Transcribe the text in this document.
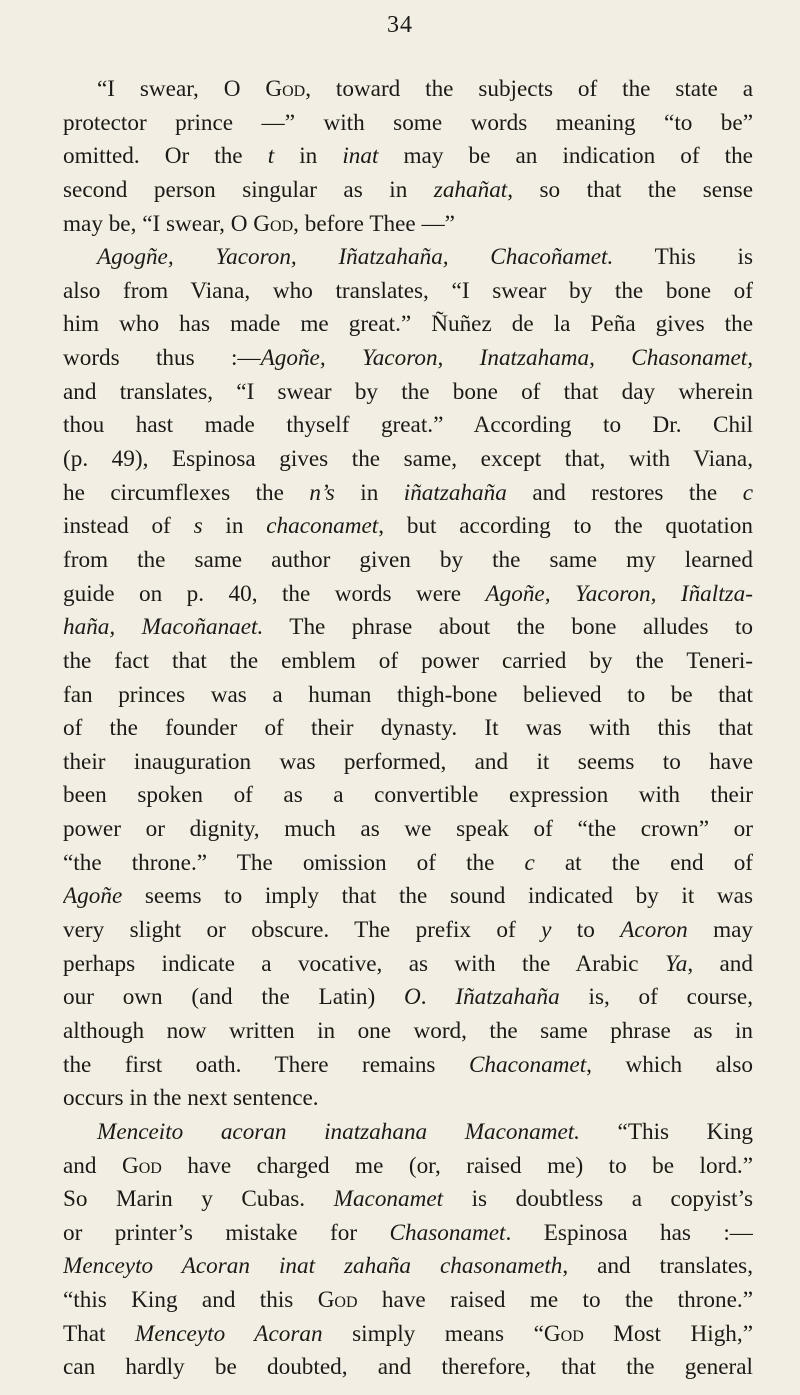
34
“I swear, O God, toward the subjects of the state a
protector prince —” with some words meaning “to be”
omitted. Or the t in inat may be an indication of the
second person singular as in zahañat, so that the sense
may be, “I swear, O God, before Thee —”
Agogñe, Yacoron, Iñatzahaña, Chacoñamet. This is
also from Viana, who translates, “I swear by the bone of
him who has made me great.” Ñuñez de la Peña gives the
words thus :—Agoñe, Yacoron, Inatzahama, Chasonamet,
and translates, “I swear by the bone of that day wherein
thou hast made thyself great.” According to Dr. Chil
(p. 49), Espinosa gives the same, except that, with Viana,
he circumflexes the n’s in iñatzahaña and restores the c
instead of s in chaconamet, but according to the quotation
from the same author given by the same my learned
guide on p. 40, the words were Agoñe, Yacoron, Iñaltza-
haña, Macoñanaet. The phrase about the bone alludes to
the fact that the emblem of power carried by the Teneri-
fan princes was a human thigh-bone believed to be that
of the founder of their dynasty. It was with this that
their inauguration was performed, and it seems to have
been spoken of as a convertible expression with their
power or dignity, much as we speak of “the crown” or
“the throne.” The omission of the c at the end of
Agoñe seems to imply that the sound indicated by it was
very slight or obscure. The prefix of y to Acoron may
perhaps indicate a vocative, as with the Arabic Ya, and
our own (and the Latin) O. Iñatzahaña is, of course,
although now written in one word, the same phrase as in
the first oath. There remains Chaconamet, which also
occurs in the next sentence.
Menceito acoran inatzahana Maconamet. “This King
and God have charged me (or, raised me) to be lord.”
So Marin y Cubas. Maconamet is doubtless a copyist’s
or printer’s mistake for Chasonamet. Espinosa has :—
Menceyto Acoran inat zahaña chasonameth, and translates,
“this King and this God have raised me to the throne.”
That Menceyto Acoran simply means “God Most High,”
can hardly be doubted, and therefore, that the general
